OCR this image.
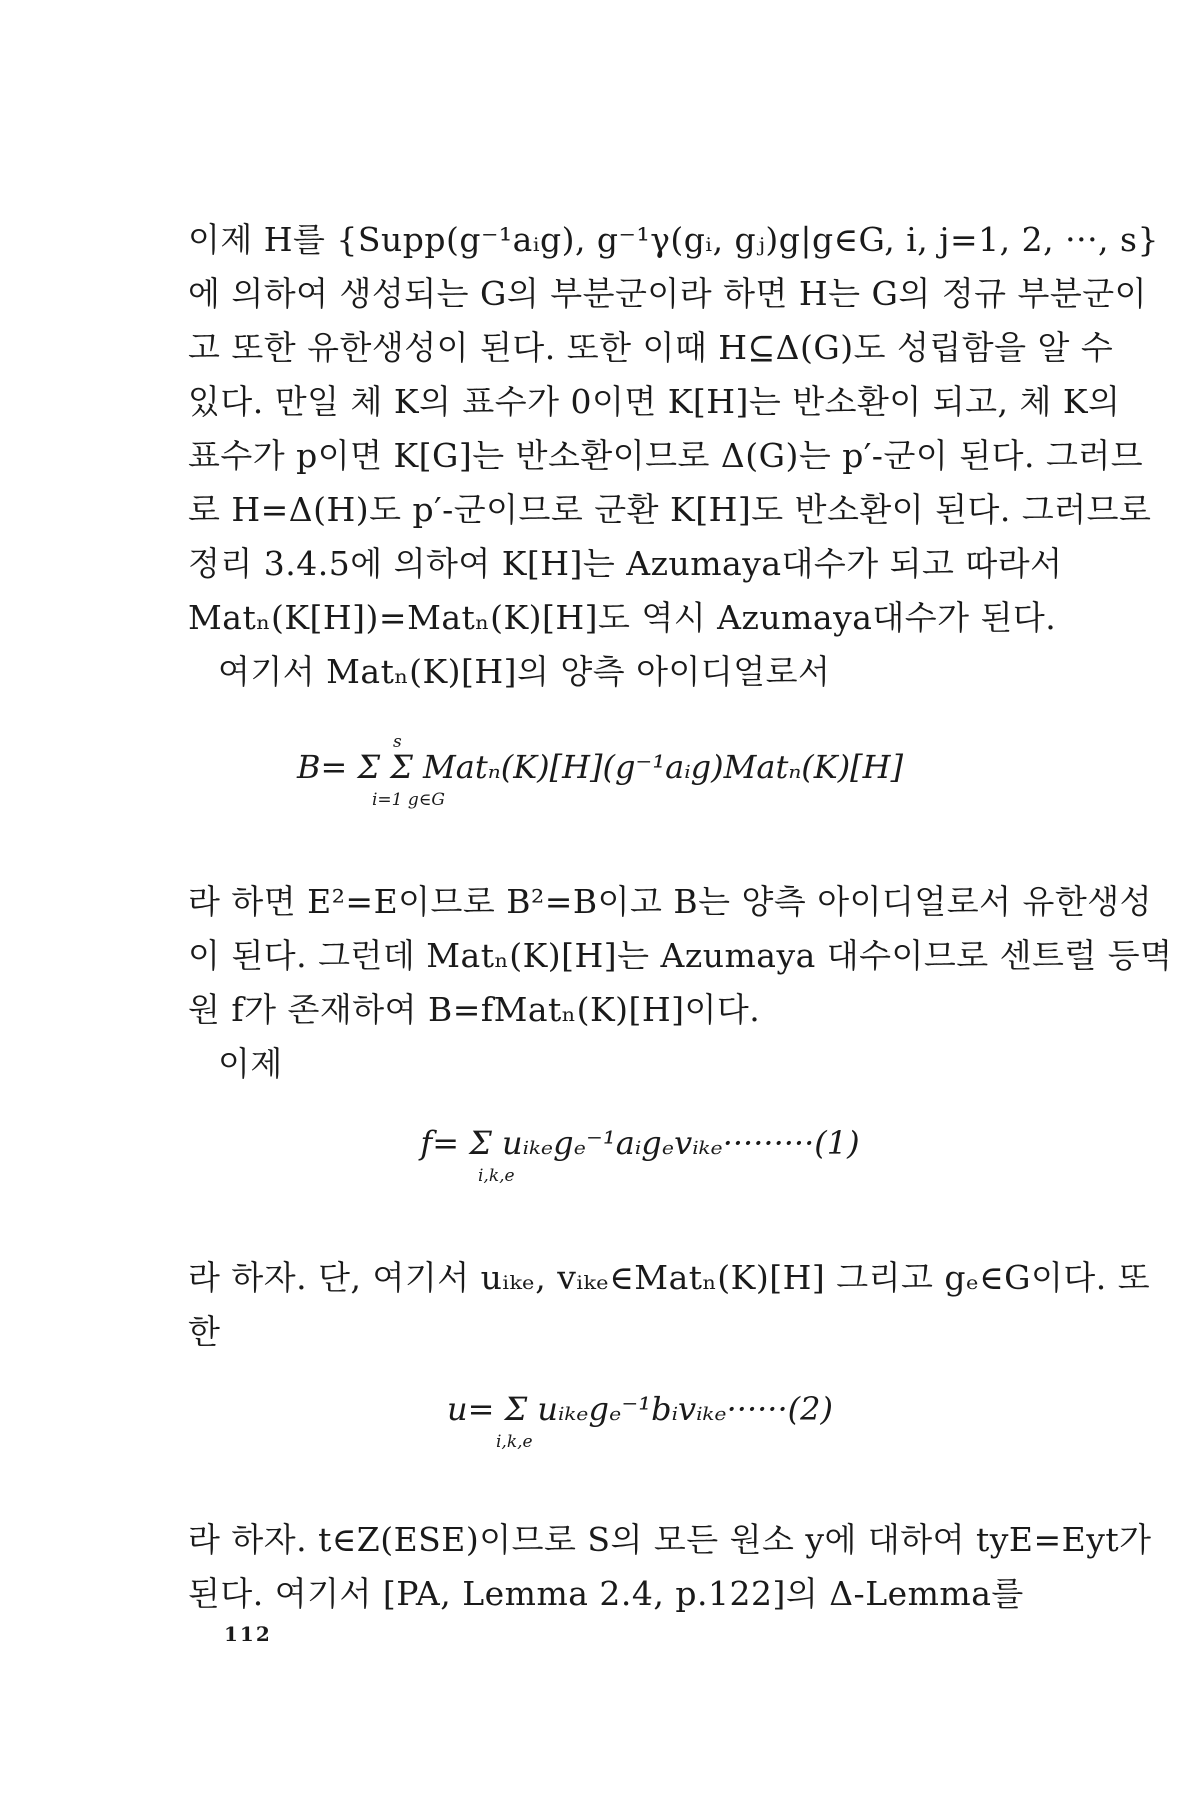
이제 H를 {Supp(g⁻¹aᵢg), g⁻¹γ(gᵢ, gⱼ)g|g∈G, i, j=1, 2, ···, s}
에 의하여 생성되는 G의 부분군이라 하면 H는 G의 정규 부분군이
고 또한 유한생성이 된다. 또한 이때 H⊆Δ(G)도 성립함을 알 수
있다. 만일 체 K의 표수가 0이면 K[H]는 반소환이 되고, 체 K의
표수가 p이면 K[G]는 반소환이므로 Δ(G)는 p′-군이 된다. 그러므
로 H=Δ(H)도 p′-군이므로 군환 K[H]도 반소환이 된다. 그러므로
정리 3.4.5에 의하여 K[H]는 Azumaya대수가 되고 따라서
Matₙ(K[H])=Matₙ(K)[H]도 역시 Azumaya대수가 된다.
여기서 Matₙ(K)[H]의 양측 아이디얼로서
B= Σ Σ Matₙ(K)[H](g⁻¹aᵢg)Matₙ(K)[H]
s
i=1 g∈G
라 하면 E²=E이므로 B²=B이고 B는 양측 아이디얼로서 유한생성
이 된다. 그런데 Matₙ(K)[H]는 Azumaya 대수이므로 센트럴 등멱
원 f가 존재하여 B=fMatₙ(K)[H]이다.
이제
f= Σ uᵢₖₑgₑ⁻¹aᵢgₑvᵢₖₑ·········(1)
i,k,e
라 하자. 단, 여기서 uᵢₖₑ, vᵢₖₑ∈Matₙ(K)[H] 그리고 gₑ∈G이다. 또
한
u= Σ uᵢₖₑgₑ⁻¹bᵢvᵢₖₑ······(2)
i,k,e
라 하자. t∈Z(ESE)이므로 S의 모든 원소 y에 대하여 tyE=Eyt가
된다. 여기서 [PA, Lemma 2.4, p.122]의 Δ-Lemma를
112
